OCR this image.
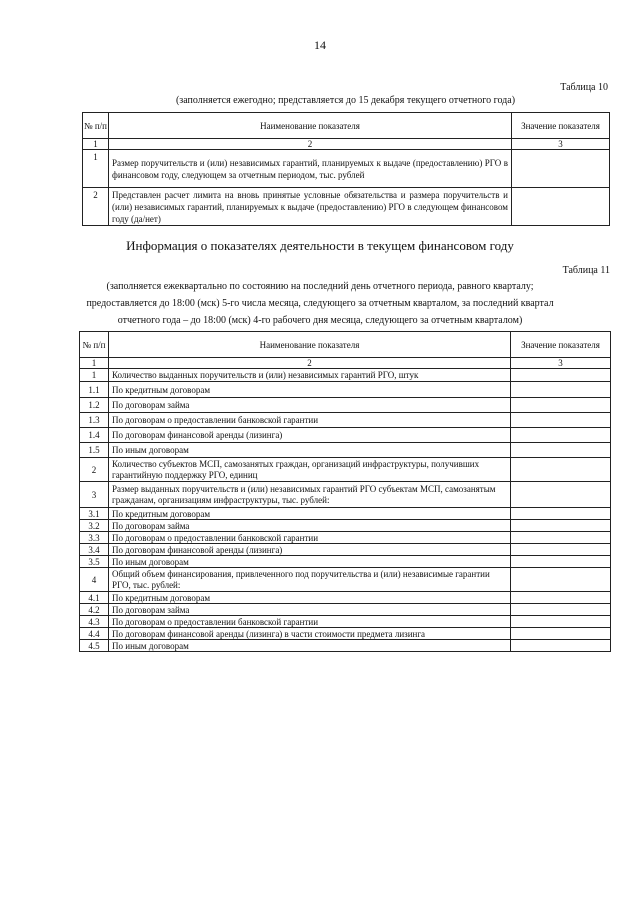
14
Таблица 10
(заполняется ежегодно; представляется до 15 декабря текущего отчетного года)
№ п/п	Наименование показателя	Значение показателя
1	2	3
1	Размер поручительств и (или) независимых гарантий, планируемых к выдаче (предоставлению) РГО в финансовом году, следующем за отчетным периодом, тыс. рублей	
2	Представлен расчет лимита на вновь принятые условные обязательства и размера поручительств и (или) независимых гарантий, планируемых к выдаче (предоставлению) РГО в следующем финансовом году (да/нет)	
Информация о показателях деятельности в текущем финансовом году
Таблица 11
(заполняется ежеквартально по состоянию на последний день отчетного периода, равного кварталу;
предоставляется до 18:00 (мск) 5-го числа месяца, следующего за отчетным кварталом, за последний квартал
отчетного года – до 18:00 (мск) 4-го рабочего дня месяца, следующего за отчетным кварталом)
№ п/п	Наименование показателя	Значение показателя
1	2	3
1	Количество выданных поручительств и (или) независимых гарантий РГО, штук	
1.1	По кредитным договорам	
1.2	По договорам займа	
1.3	По договорам о предоставлении банковской гарантии	
1.4	По договорам финансовой аренды (лизинга)	
1.5	По иным договорам	
2	Количество субъектов МСП, самозанятых граждан, организаций инфраструктуры, получивших гарантийную поддержку РГО, единиц	
3	Размер выданных поручительств и (или) независимых гарантий РГО субъектам МСП, самозанятым гражданам, организациям инфраструктуры, тыс. рублей:	
3.1	По кредитным договорам	
3.2	По договорам займа	
3.3	По договорам о предоставлении банковской гарантии	
3.4	По договорам финансовой аренды (лизинга)	
3.5	По иным договорам	
4	Общий объем финансирования, привлеченного под поручительства и (или) независимые гарантии РГО, тыс. рублей:	
4.1	По кредитным договорам	
4.2	По договорам займа	
4.3	По договорам о предоставлении банковской гарантии	
4.4	По договорам финансовой аренды (лизинга) в части стоимости предмета лизинга	
4.5	По иным договорам	
